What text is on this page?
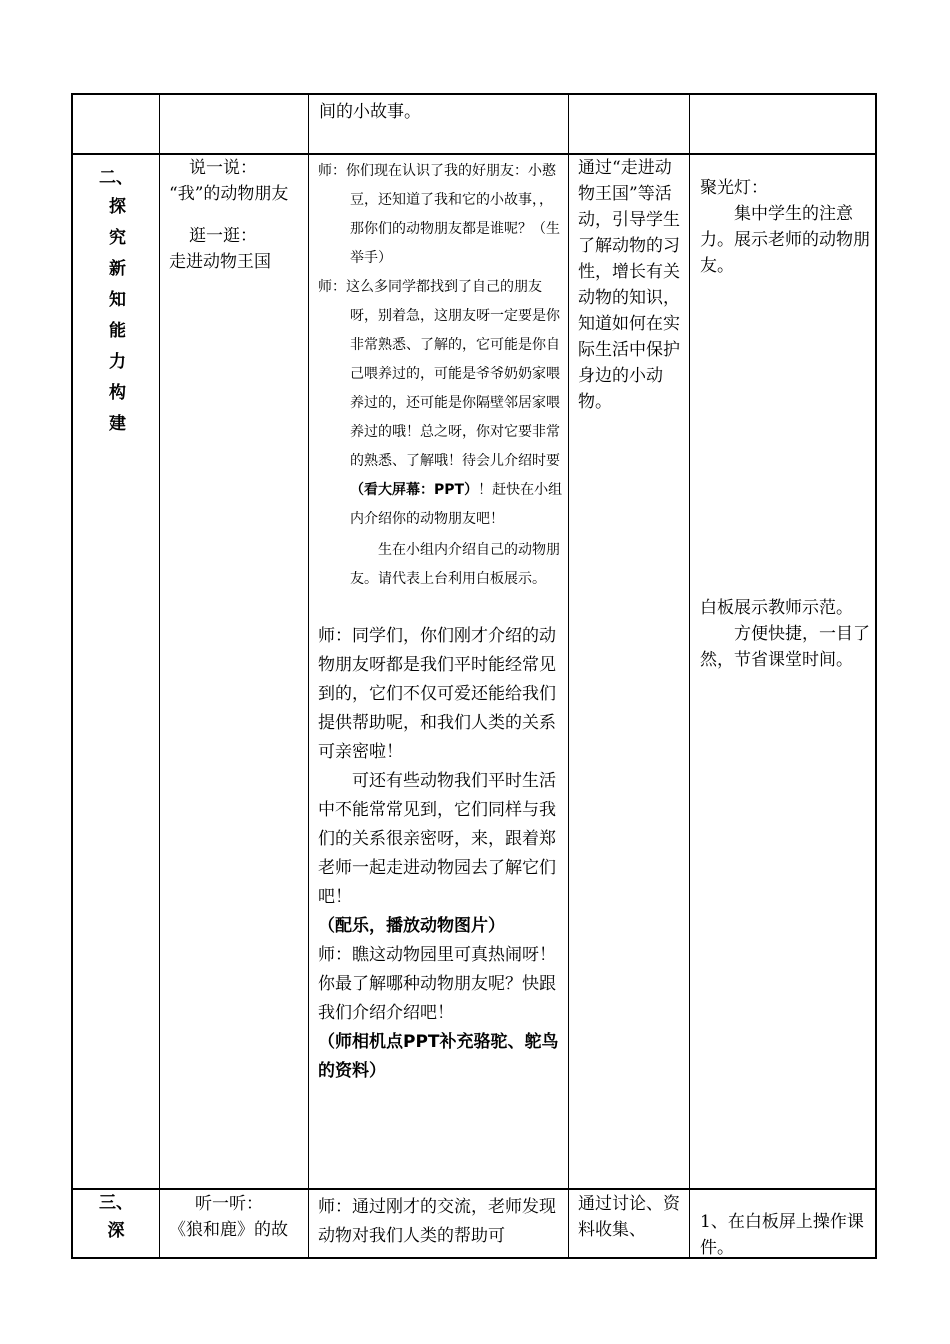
间的小故事。
二、
探究新知能力构建

说一说：

“我”的动物朋友

逛一逛：

走进动物王国

师：你们现在认识了我的好朋友：小憨豆，还知道了我和它的小故事，，那你们的动物朋友都是谁呢？（生举手）

师：这么多同学都找到了自己的朋友呀，别着急，这朋友呀一定要是你非常熟悉、了解的，它可能是你自己喂养过的，可能是爷爷奶奶家喂养过的，还可能是你隔壁邻居家喂养过的哦！总之呀，你对它要非常的熟悉、了解哦！待会儿介绍时要（看大屏幕：PPT）！赶快在小组内介绍你的动物朋友吧！

生在小组内介绍自己的动物朋友。请代表上台利用白板展示。

师：同学们，你们刚才介绍的动物朋友呀都是我们平时能经常见到的，它们不仅可爱还能给我们提供帮助呢，和我们人类的关系可亲密啦！

可还有些动物我们平时生活中不能常常见到，它们同样与我们的关系很亲密呀，来，跟着郑老师一起走进动物园去了解它们吧！

（配乐，播放动物图片）

师：瞧这动物园里可真热闹呀！你最了解哪种动物朋友呢？快跟我们介绍介绍吧！

（师相机点PPT补充骆驼、鸵鸟的资料）

通过“走进动物王国”等活动，引导学生了解动物的习性，增长有关动物的知识，知道如何在实际生活中保护身边的小动物。

聚光灯：

集中学生的注意力。展示老师的动物朋友。

白板展示教师示范。

方便快捷，一目了然，节省课堂时间。

三、
深

听一听：

《狼和鹿》的故

师：通过刚才的交流，老师发现动物对我们人类的帮助可
通过讨论、资料收集、	1、在白板屏上操作课件。
